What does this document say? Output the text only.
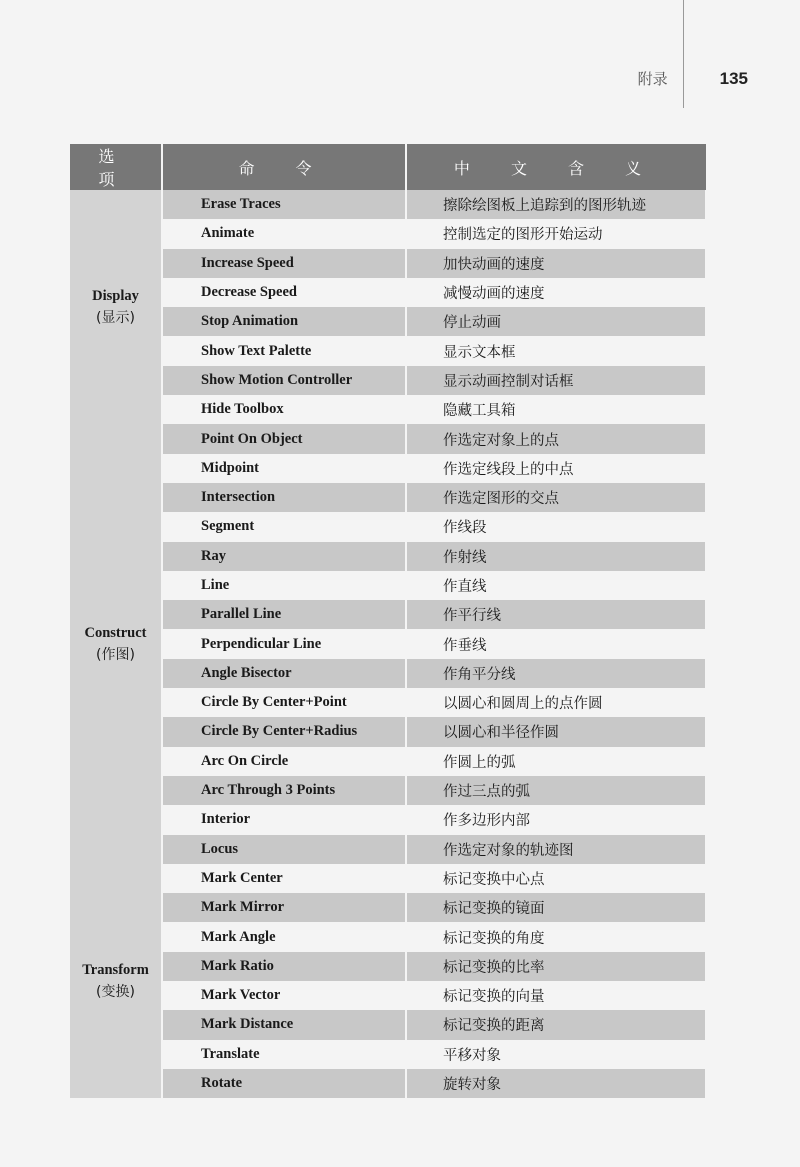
附录	135
选 项	命 令	中 文 含 义
Display
(显示)	Erase Traces	擦除绘图板上追踪到的图形轨迹
	Animate	控制选定的图形开始运动
	Increase Speed	加快动画的速度
	Decrease Speed	减慢动画的速度
	Stop Animation	停止动画
	Show Text Palette	显示文本框
	Show Motion Controller	显示动画控制对话框
	Hide Toolbox	隐藏工具箱
Construct
(作图)	Point On Object	作选定对象上的点
	Midpoint	作选定线段上的中点
	Intersection	作选定图形的交点
	Segment	作线段
	Ray	作射线
	Line	作直线
	Parallel Line	作平行线
	Perpendicular Line	作垂线
	Angle Bisector	作角平分线
	Circle By Center+Point	以圆心和圆周上的点作圆
	Circle By Center+Radius	以圆心和半径作圆
	Arc On Circle	作圆上的弧
	Arc Through 3 Points	作过三点的弧
	Interior	作多边形内部
	Locus	作选定对象的轨迹图
Transform
(变换)	Mark Center	标记变换中心点
	Mark Mirror	标记变换的镜面
	Mark Angle	标记变换的角度
	Mark Ratio	标记变换的比率
	Mark Vector	标记变换的向量
	Mark Distance	标记变换的距离
	Translate	平移对象
	Rotate	旋转对象
